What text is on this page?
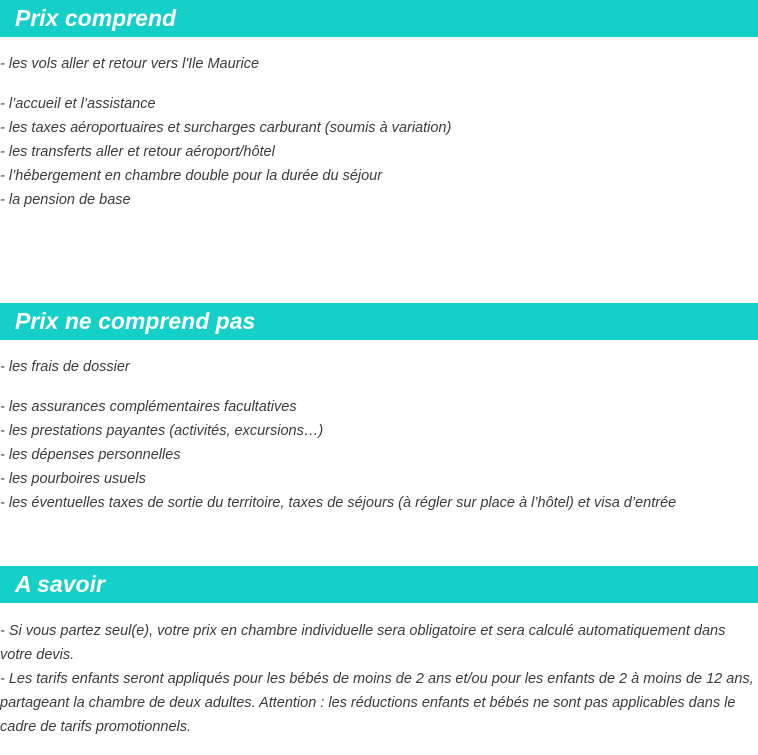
Prix comprend
- les vols aller et retour vers l'Ile Maurice
- l’accueil et l’assistance
- les taxes aéroportuaires et surcharges carburant (soumis à variation)
- les transferts aller et retour aéroport/hôtel
- l’hébergement en chambre double pour la durée du séjour
- la pension de base
Prix ne comprend pas
- les frais de dossier
- les assurances complémentaires facultatives
- les prestations payantes (activités, excursions…)
- les dépenses personnelles
- les pourboires usuels
- les éventuelles taxes de sortie du territoire, taxes de séjours (à régler sur place à l’hôtel) et visa d’entrée
A savoir
- Si vous partez seul(e), votre prix en chambre individuelle sera obligatoire et sera calculé automatiquement dans votre devis.
- Les tarifs enfants seront appliqués pour les bébés de moins de 2 ans et/ou pour les enfants de 2 à moins de 12 ans, partageant la chambre de deux adultes. Attention : les réductions enfants et bébés ne sont pas applicables dans le cadre de tarifs promotionnels.
